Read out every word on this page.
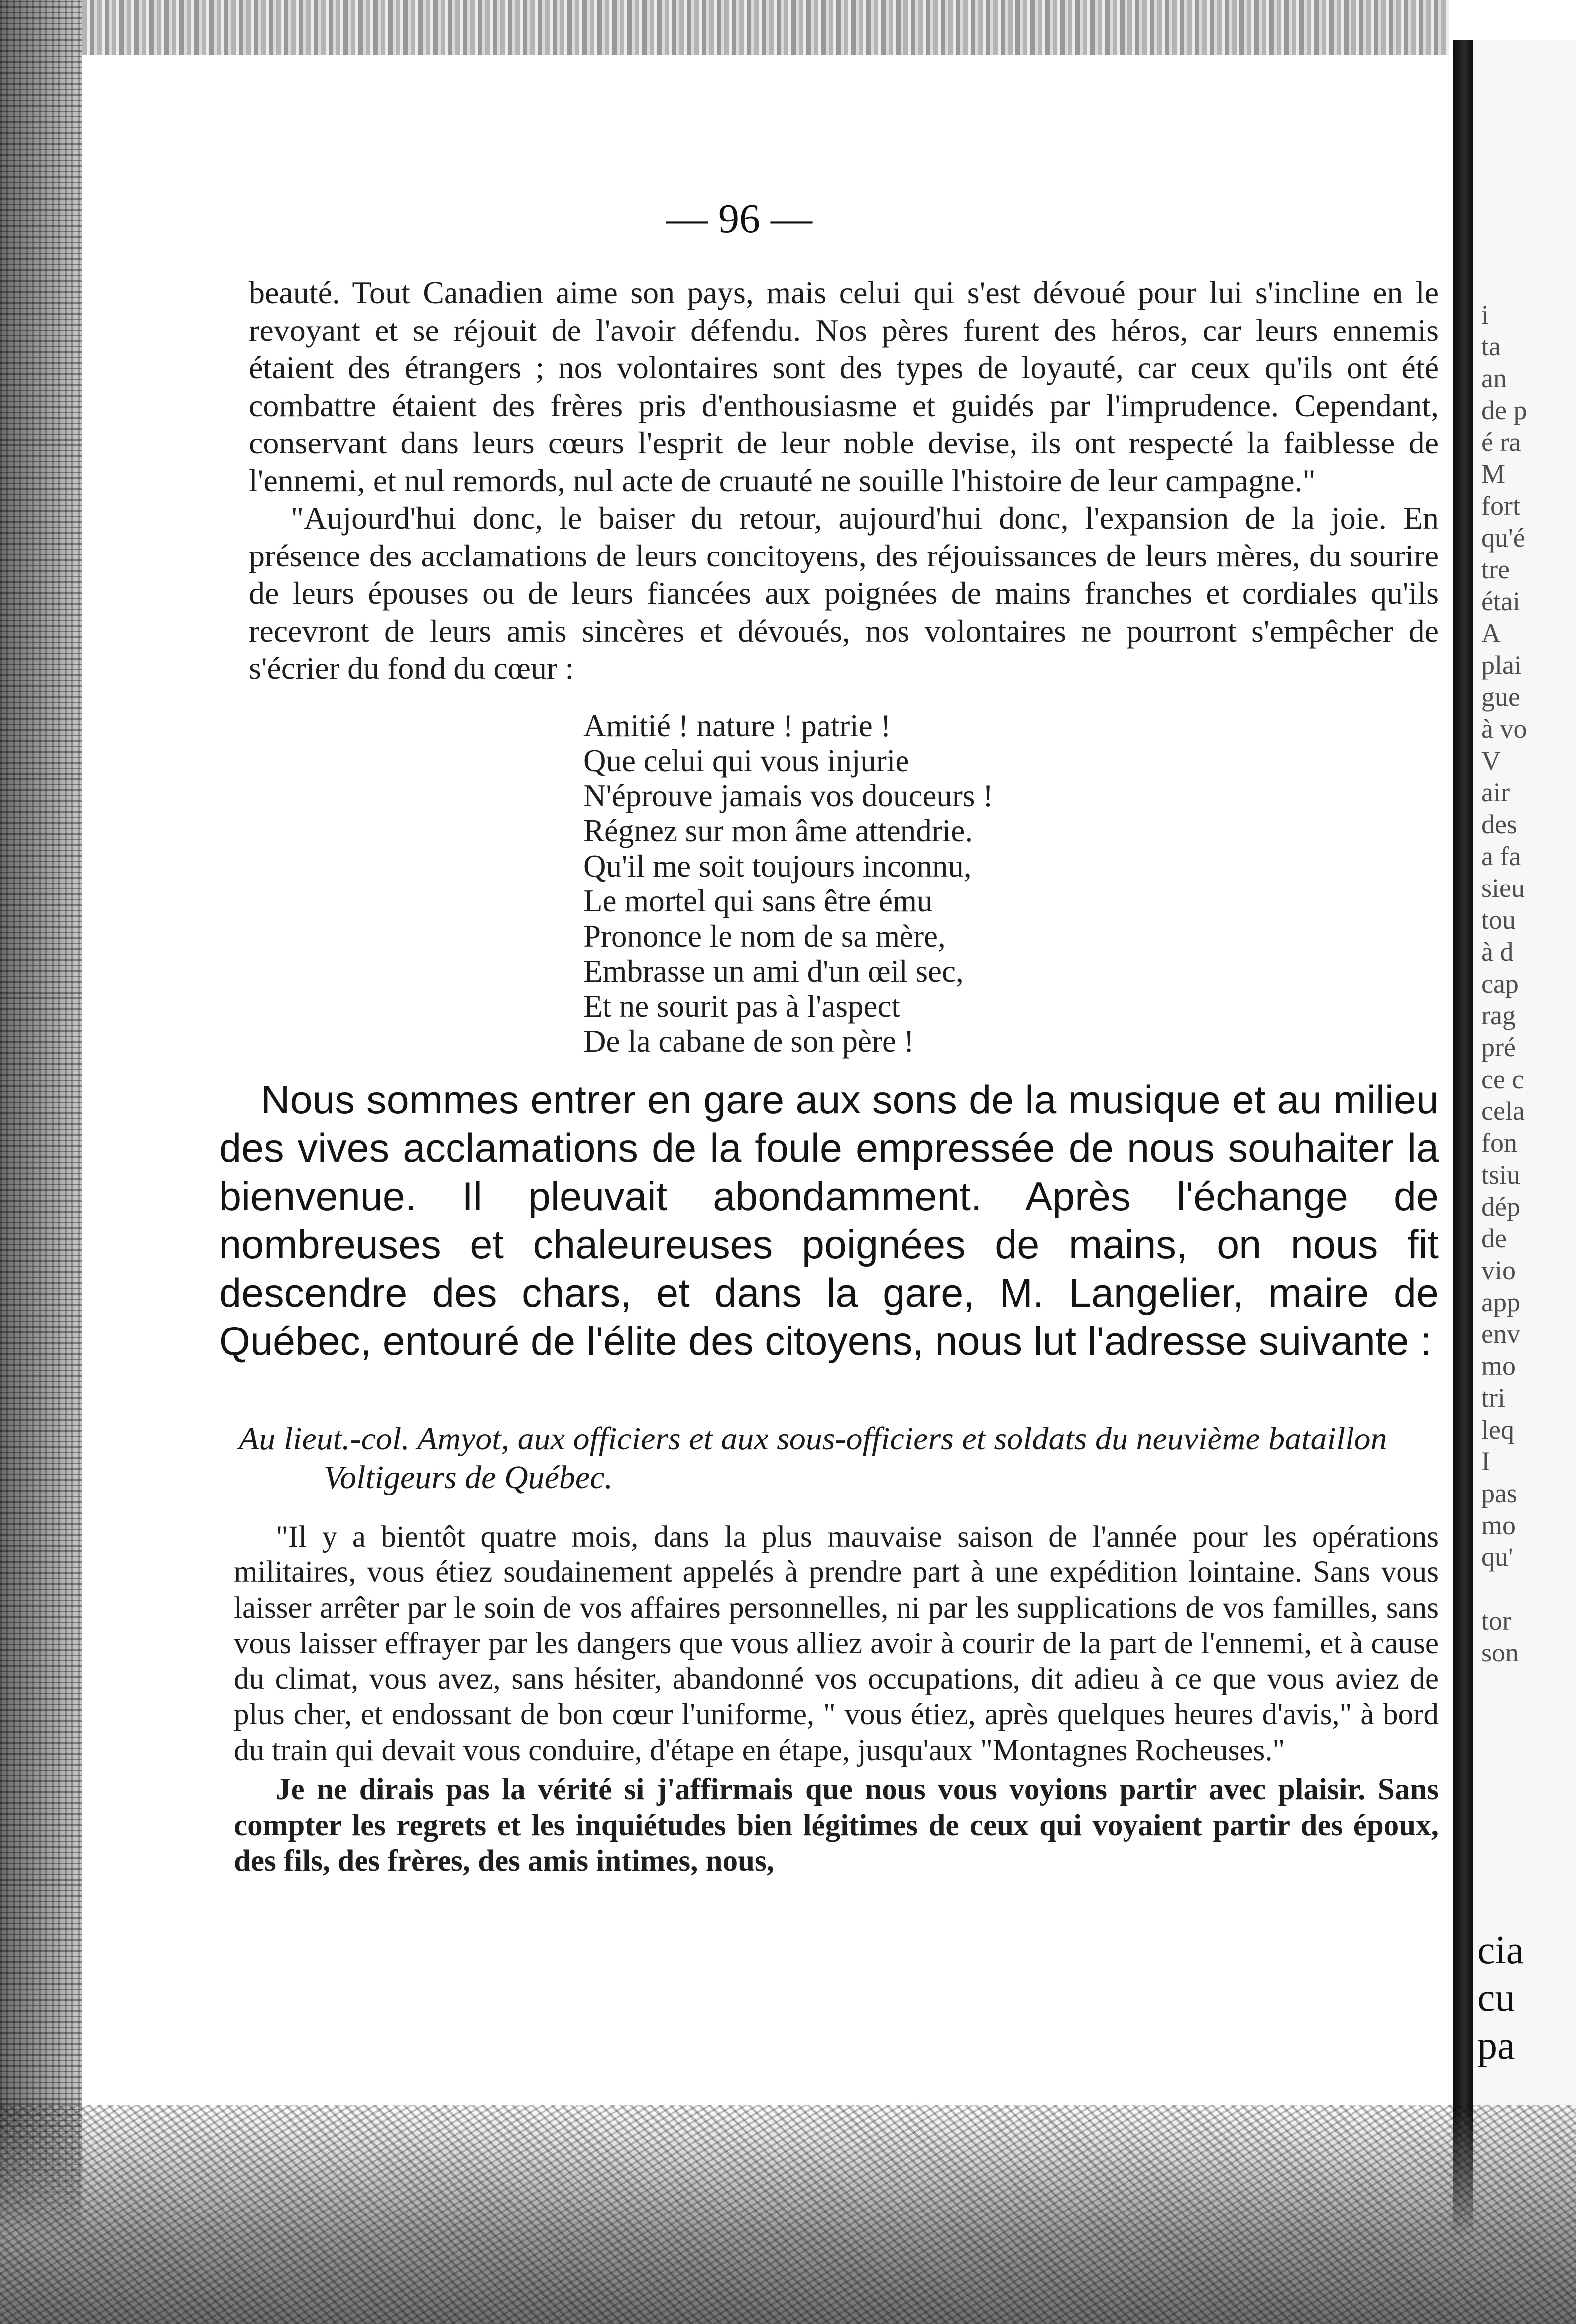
— 96 —

beauté. Tout Canadien aime son pays, mais celui qui s'est dévoué pour lui s'incline en le revoyant et se réjouit de l'avoir défendu. Nos pères furent des héros, car leurs ennemis étaient des étrangers ; nos volontaires sont des types de loyauté, car ceux qu'ils ont été combattre étaient des frères pris d'enthousiasme et guidés par l'imprudence. Cependant, conservant dans leurs cœurs l'esprit de leur noble devise, ils ont respecté la faiblesse de l'ennemi, et nul remords, nul acte de cruauté ne souille l'histoire de leur campagne."

"Aujourd'hui donc, le baiser du retour, aujourd'hui donc, l'expansion de la joie. En présence des acclamations de leurs concitoyens, des réjouissances de leurs mères, du sourire de leurs épouses ou de leurs fiancées aux poignées de mains franches et cordiales qu'ils recevront de leurs amis sincères et dévoués, nos volontaires ne pourront s'empêcher de s'écrier du fond du cœur :

Amitié ! nature ! patrie !
Que celui qui vous injurie
N'éprouve jamais vos douceurs !
Régnez sur mon âme attendrie.
Qu'il me soit toujours inconnu,
Le mortel qui sans être ému
Prononce le nom de sa mère,
Embrasse un ami d'un œil sec,
Et ne sourit pas à l'aspect
De la cabane de son père !

Nous sommes entrer en gare aux sons de la musique et au milieu des vives acclamations de la foule empressée de nous souhaiter la bienvenue. Il pleuvait abondamment. Après l'échange de nombreuses et chaleureuses poignées de mains, on nous fit descendre des chars, et dans la gare, M. Langelier, maire de Québec, entouré de l'élite des citoyens, nous lut l'adresse suivante :

Au lieut.-col. Amyot, aux officiers et aux sous-officiers et soldats du neuvième bataillon Voltigeurs de Québec.

"Il y a bientôt quatre mois, dans la plus mauvaise saison de l'année pour les opérations militaires, vous étiez soudainement appelés à prendre part à une expédition lointaine. Sans vous laisser arrêter par le soin de vos affaires personnelles, ni par les supplications de vos familles, sans vous laisser effrayer par les dangers que vous alliez avoir à courir de la part de l'ennemi, et à cause du climat, vous avez, sans hésiter, abandonné vos occupations, dit adieu à ce que vous aviez de plus cher, et endossant de bon cœur l'uniforme, " vous étiez, après quelques heures d'avis," à bord du train qui devait vous conduire, d'étape en étape, jusqu'aux "Montagnes Rocheuses."

Je ne dirais pas la vérité si j'affirmais que nous vous voyions partir avec plaisir. Sans compter les regrets et les inquiétudes bien légitimes de ceux qui voyaient partir des époux, des fils, des frères, des amis intimes, nous,

i
ta
an
de p
é ra
M
fort
qu'é
tre
étai
A
plai
gue
à vo
V
air
des
a fa
sieu
tou
à d
cap
rag
pré
ce c
cela
fon
tsiu
dép
de
vio
app
env
mo
tri
leq
I
pas
mo
qu'
tor
son
cia
cu
pa
